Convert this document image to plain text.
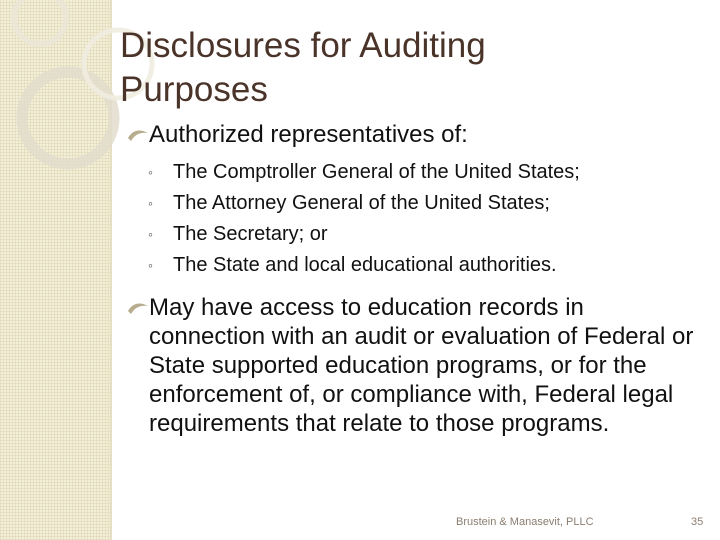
Disclosures for Auditing
Purposes
Authorized representatives of:
◦ The Comptroller General of the United States;
◦ The Attorney General of the United States;
◦ The Secretary; or
◦ The State and local educational authorities.
May have access to education records in connection with an audit or evaluation of Federal or State supported education programs, or for the enforcement of, or compliance with, Federal legal requirements that relate to those programs.
Brustein & Manasevit, PLLC	35
